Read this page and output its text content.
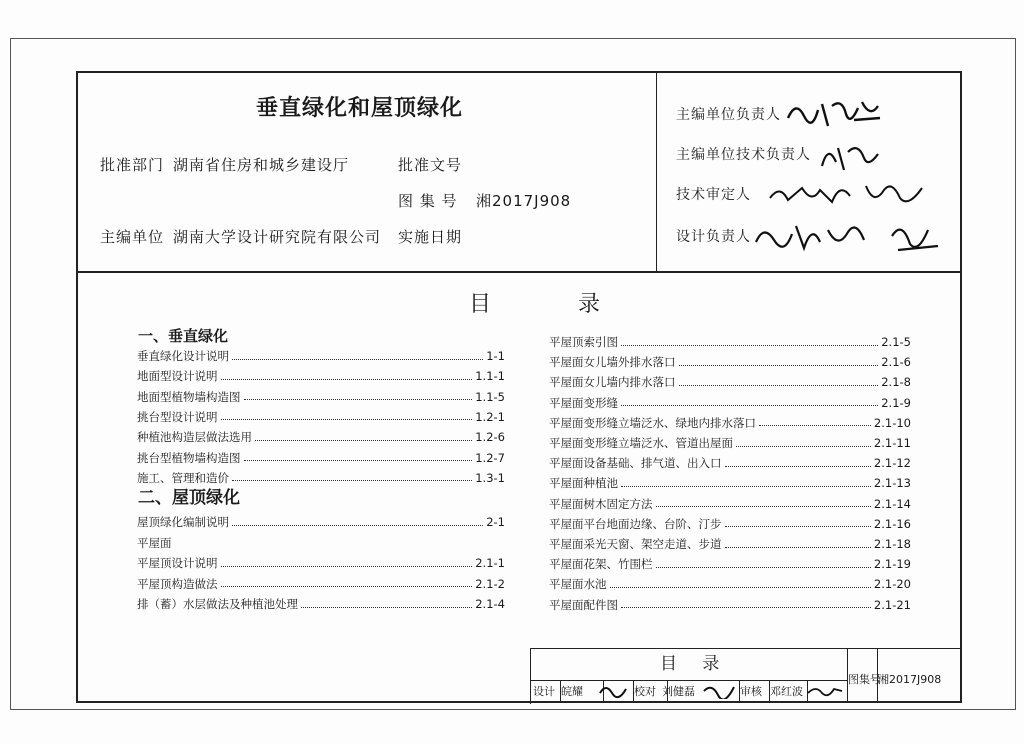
垂直绿化和屋顶绿化
批准部门 湖南省住房和城乡建设厅	批准文号
图 集 号 湘2017J908
主编单位 湖南大学设计研究院有限公司 实施日期
主编单位负责人
主编单位技术负责人
技术审定人
设计负责人
目 录
一、垂直绿化
垂直绿化设计说明	1-1
地面型设计说明	1.1-1
地面型植物墙构造图	1.1-5
挑台型设计说明	1.2-1
种植池构造层做法选用	1.2-6
挑台型植物墙构造图	1.2-7
施工、管理和造价	1.3-1
二、屋顶绿化
屋顶绿化编制说明	2-1
平屋面
平屋顶设计说明	2.1-1
平屋顶构造做法	2.1-2
排（蓄）水层做法及种植池处理	2.1-4
平屋顶索引图	2.1-5
平屋面女儿墙外排水落口	2.1-6
平屋面女儿墙内排水落口	2.1-8
平屋面变形缝	2.1-9
平屋面变形缝立墙泛水、绿地内排水落口	2.1-10
平屋面变形缝立墙泛水、管道出屋面	2.1-11
平屋面设备基础、排气道、出入口	2.1-12
平屋面种植池	2.1-13
平屋面树木固定方法	2.1-14
平屋面平台地面边缘、台阶、汀步	2.1-16
平屋面采光天窗、架空走道、步道	2.1-18
平屋面花架、竹围栏	2.1-19
平屋面水池	2.1-20
平屋面配件图	2.1-21
目 录
图集号
湘2017J908
设计 皖耀	校对 刘健磊	审核 邓红波
